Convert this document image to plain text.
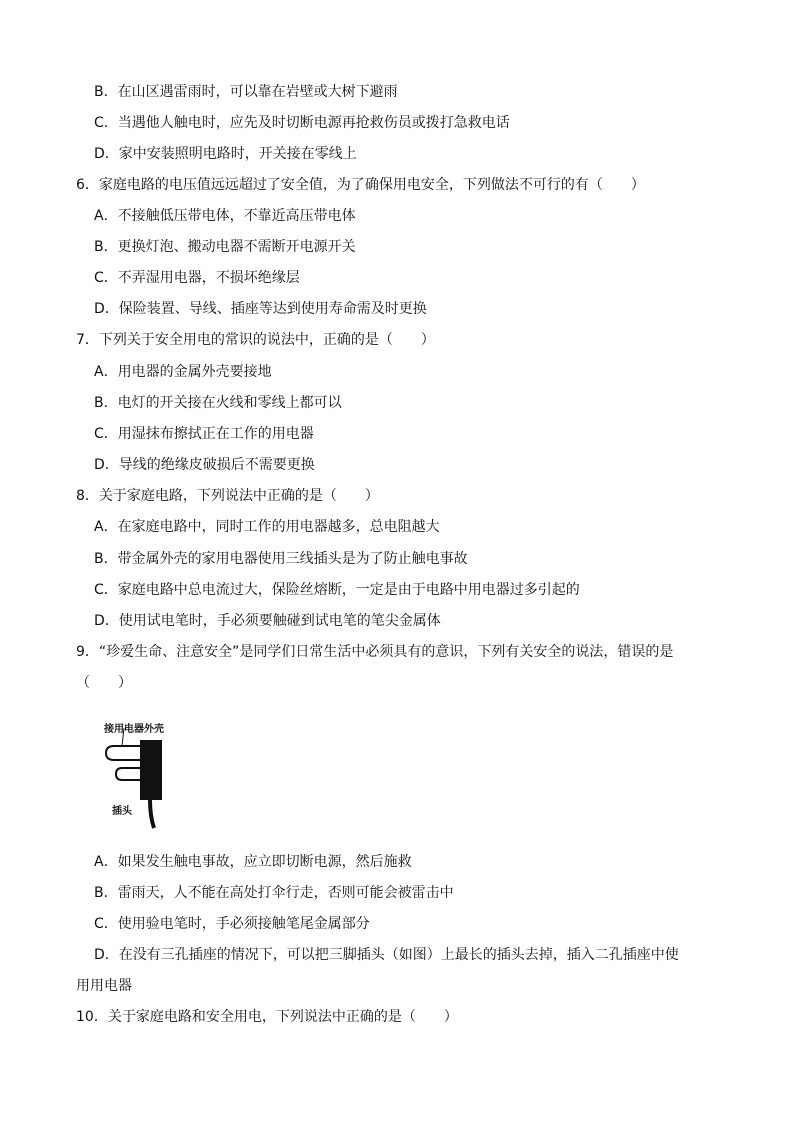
B．在山区遇雷雨时，可以靠在岩壁或大树下避雨
C．当遇他人触电时，应先及时切断电源再抢救伤员或拨打急救电话
D．家中安装照明电路时，开关接在零线上
6．家庭电路的电压值远远超过了安全值，为了确保用电安全，下列做法不可行的有（　　）
A．不接触低压带电体，不靠近高压带电体
B．更换灯泡、搬动电器不需断开电源开关
C．不弄湿用电器，不损坏绝缘层
D．保险装置、导线、插座等达到使用寿命需及时更换
7．下列关于安全用电的常识的说法中，正确的是（　　）
A．用电器的金属外壳要接地
B．电灯的开关接在火线和零线上都可以
C．用湿抹布擦拭正在工作的用电器
D．导线的绝缘皮破损后不需要更换
8．关于家庭电路，下列说法中正确的是（　　）
A．在家庭电路中，同时工作的用电器越多，总电阻越大
B．带金属外壳的家用电器使用三线插头是为了防止触电事故
C．家庭电路中总电流过大，保险丝熔断，一定是由于电路中用电器过多引起的
D．使用试电笔时，手必须要触碰到试电笔的笔尖金属体
9．“珍爱生命、注意安全”是同学们日常生活中必须具有的意识，下列有关安全的说法，错误的是
（　　）
接用电器外壳
插头
A．如果发生触电事故，应立即切断电源，然后施救
B．雷雨天，人不能在高处打伞行走，否则可能会被雷击中
C．使用验电笔时，手必须接触笔尾金属部分
D．在没有三孔插座的情况下，可以把三脚插头（如图）上最长的插头去掉，插入二孔插座中使
用用电器
10．关于家庭电路和安全用电，下列说法中正确的是（　　）
